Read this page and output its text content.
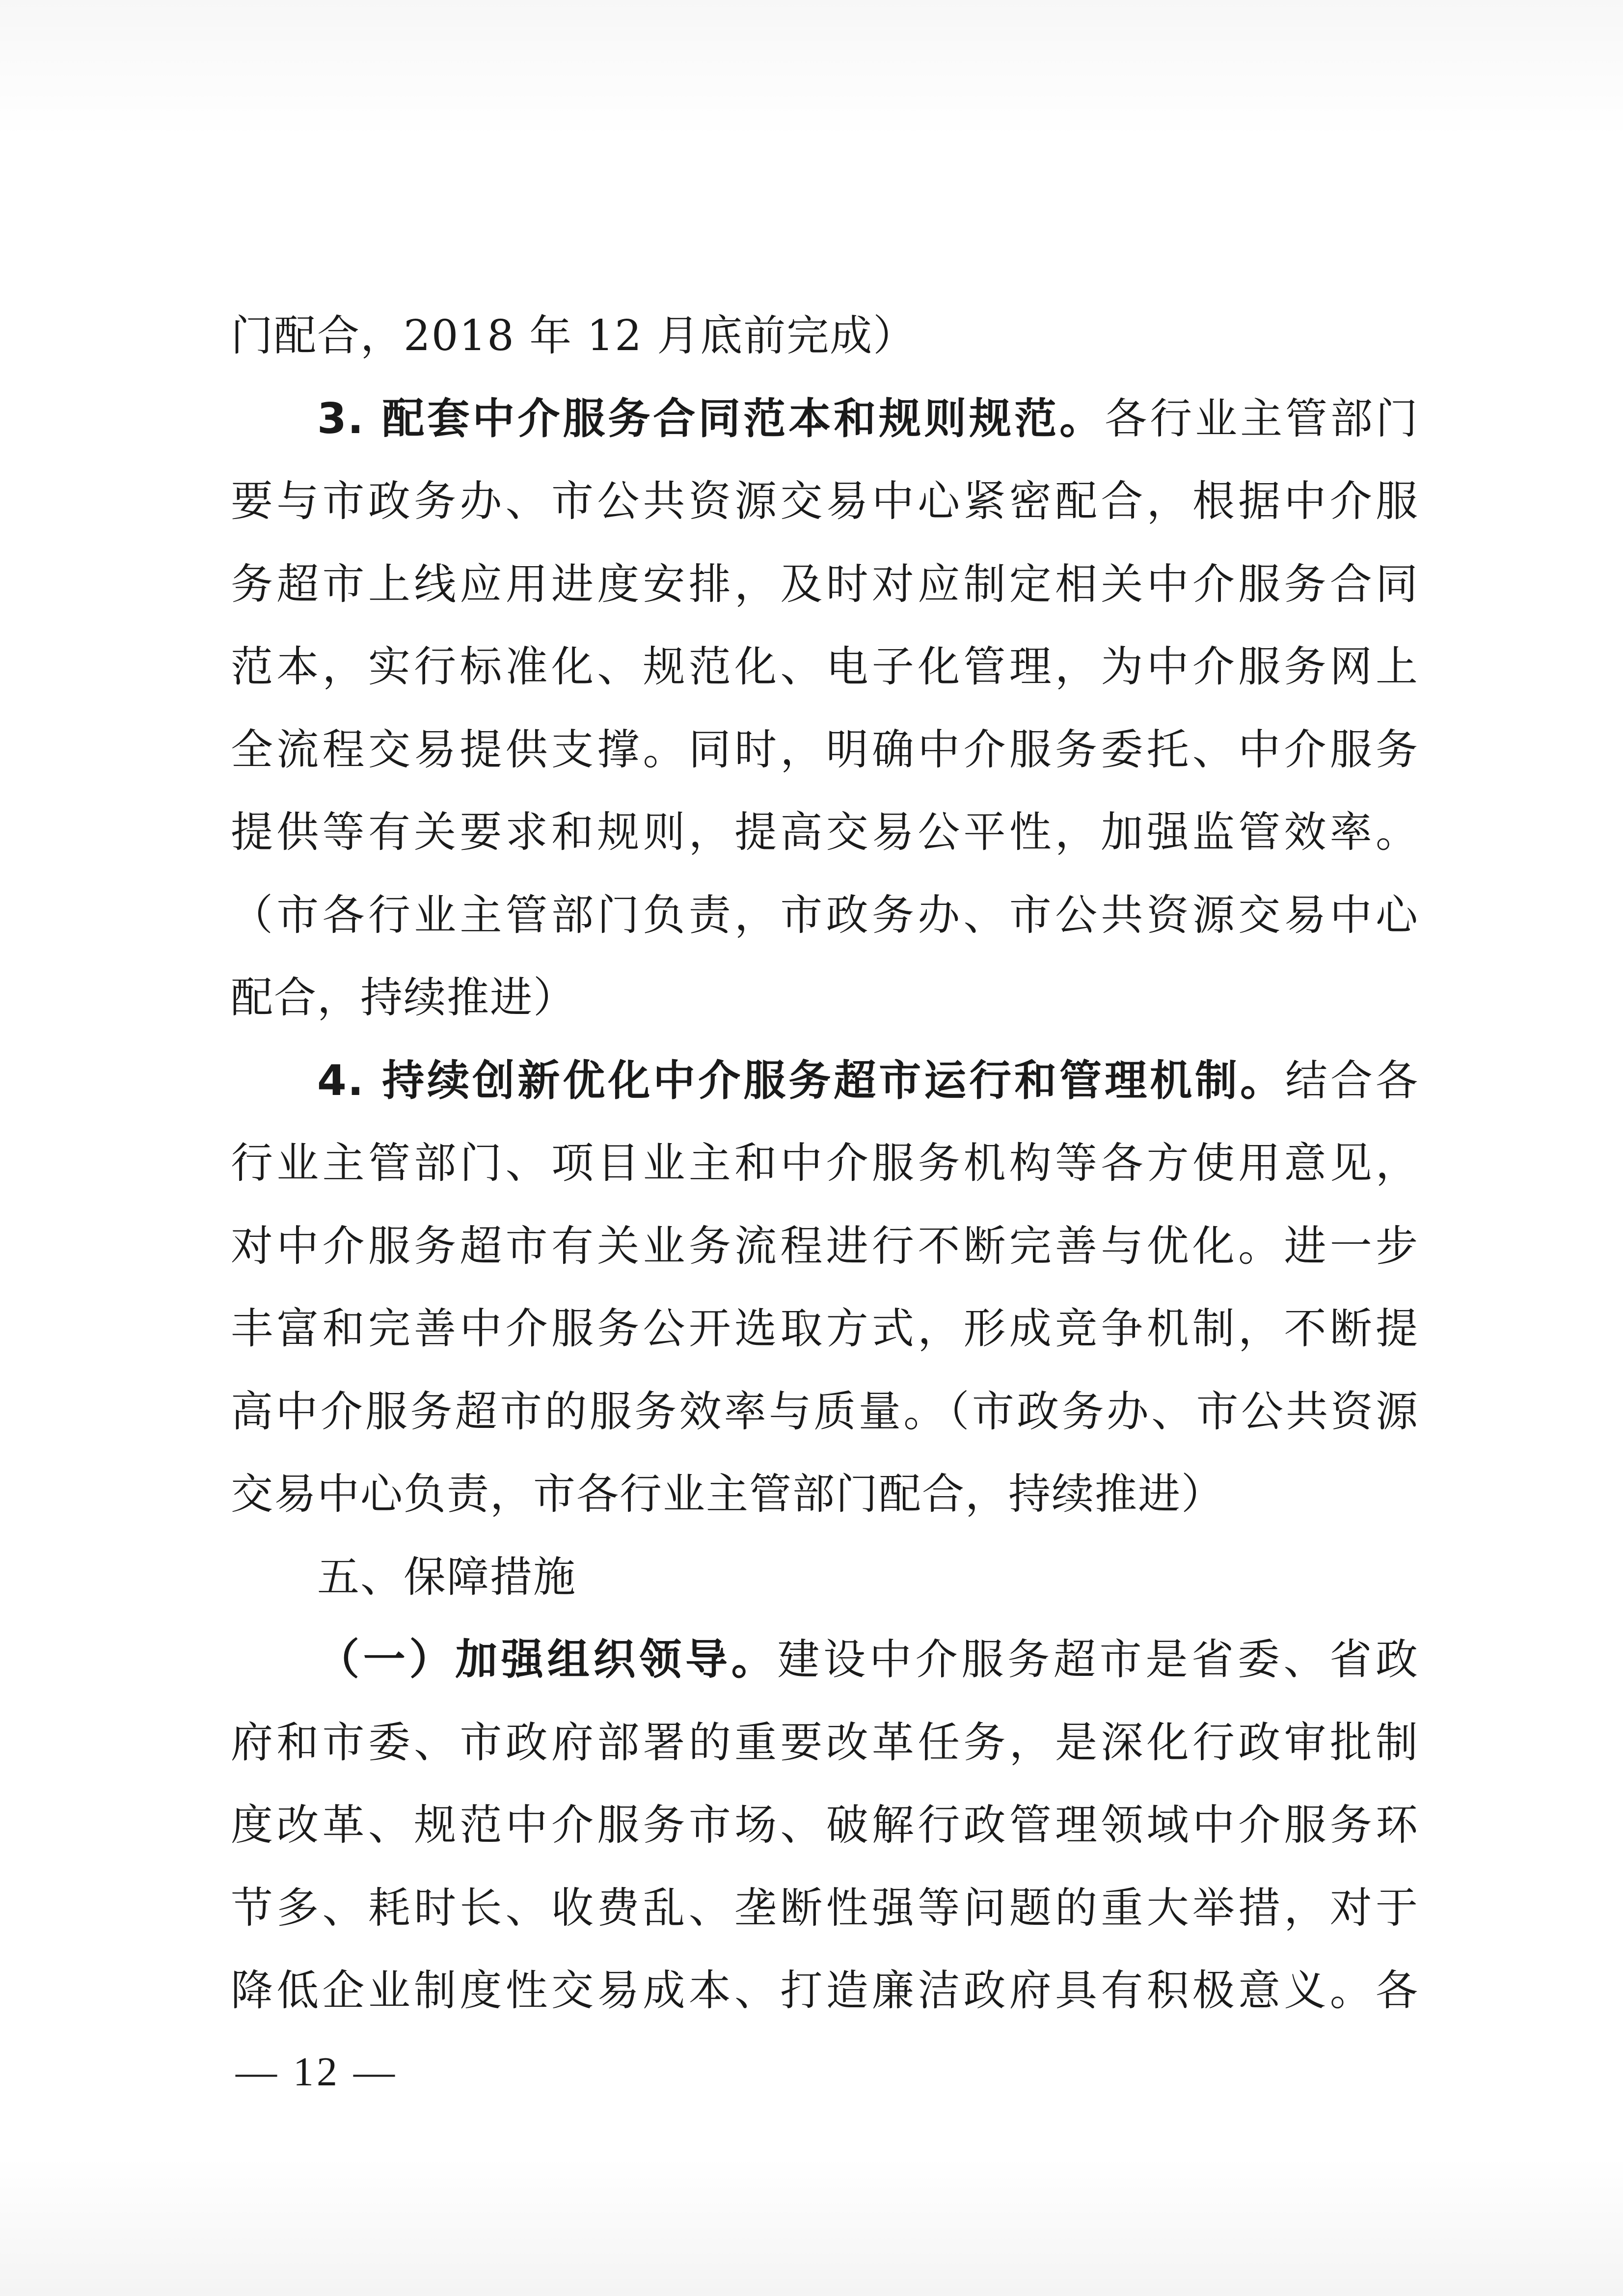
门配合，2018 年 12 月底前完成）
3. 配套中介服务合同范本和规则规范。各行业主管部门
要与市政务办、市公共资源交易中心紧密配合，根据中介服
务超市上线应用进度安排，及时对应制定相关中介服务合同
范本，实行标准化、规范化、电子化管理，为中介服务网上
全流程交易提供支撑。同时，明确中介服务委托、中介服务
提供等有关要求和规则，提高交易公平性，加强监管效率。
（市各行业主管部门负责，市政务办、市公共资源交易中心
配合，持续推进）
4. 持续创新优化中介服务超市运行和管理机制。结合各
行业主管部门、项目业主和中介服务机构等各方使用意见，
对中介服务超市有关业务流程进行不断完善与优化。进一步
丰富和完善中介服务公开选取方式，形成竞争机制，不断提
高中介服务超市的服务效率与质量。（市政务办、市公共资源
交易中心负责，市各行业主管部门配合，持续推进）
五、保障措施
（一）加强组织领导。建设中介服务超市是省委、省政
府和市委、市政府部署的重要改革任务，是深化行政审批制
度改革、规范中介服务市场、破解行政管理领域中介服务环
节多、耗时长、收费乱、垄断性强等问题的重大举措，对于
降低企业制度性交易成本、打造廉洁政府具有积极意义。各
— 12 —
